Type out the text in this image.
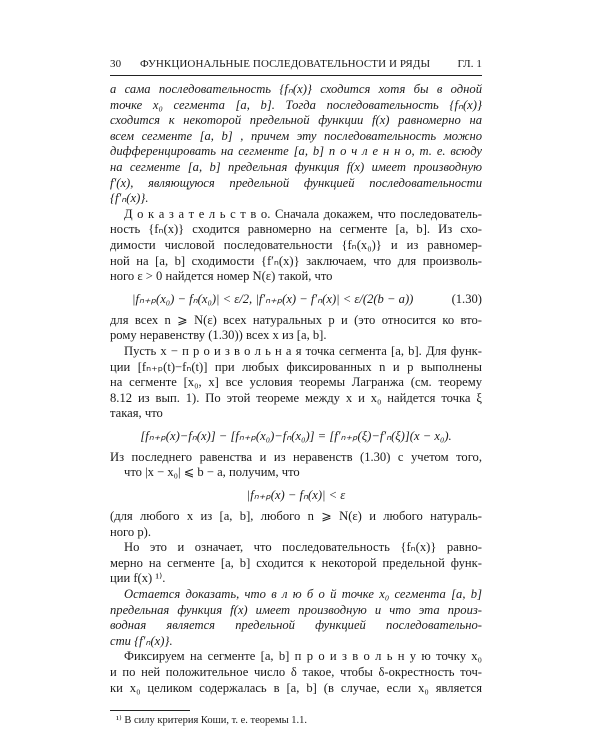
30 ФУНКЦИОНАЛЬНЫЕ ПОСЛЕДОВАТЕЛЬНОСТИ И РЯДЫ ГЛ. 1
а сама последовательность {fₙ(x)} сходится хотя бы в одной
точке x₀ сегмента [a, b]. Тогда последовательность {fₙ(x)}
сходится к некоторой предельной функции f(x) равномерно на
всем сегменте [a, b] , причем эту последовательность можно
дифференцировать на сегменте [a, b] п о ч л е н н о, т. е. всюду
на сегменте [a, b] предельная функция f(x) имеет производную
f′(x), являющуюся предельной функцией последовательности
{f′ₙ(x)}.
Д о к а з а т е л ь с т в о. Сначала докажем, что последователь-
ность {fₙ(x)} сходится равномерно на сегменте [a, b]. Из схо-
димости числовой последовательности {fₙ(x₀)} и из равномер-
ной на [a, b] сходимости {f′ₙ(x)} заключаем, что для произволь-
ного ε > 0 найдется номер N(ε) такой, что
|fₙ₊ₚ(x₀) − fₙ(x₀)| < ε/2, |f′ₙ₊ₚ(x) − f′ₙ(x)| < ε/(2(b − a))	(1.30)
для всех n ⩾ N(ε) всех натуральных p и (это относится ко вто-
рому неравенству (1.30)) всех x из [a, b].
Пусть x − п р о и з в о л ь н а я точка сегмента [a, b]. Для функ-
ции [fₙ₊ₚ(t)−fₙ(t)] при любых фиксированных n и p выполнены
на сегменте [x₀, x] все условия теоремы Лагранжа (см. теорему
8.12 из вып. 1). По этой теореме между x и x₀ найдется точка ξ
такая, что
[fₙ₊ₚ(x)−fₙ(x)] − [fₙ₊ₚ(x₀)−fₙ(x₀)] = [f′ₙ₊ₚ(ξ)−f′ₙ(ξ)](x − x₀).
Из последнего равенства и из неравенств (1.30) с учетом того,
что |x − x₀| ⩽ b − a, получим, что
|fₙ₊ₚ(x) − fₙ(x)| < ε
(для любого x из [a, b], любого n ⩾ N(ε) и любого натураль-
ного p).
Но это и означает, что последовательность {fₙ(x)} равно-
мерно на сегменте [a, b] сходится к некоторой предельной функ-
ции f(x) ¹⁾.
Остается доказать, что в л ю б о й точке x₀ сегмента [a, b]
предельная функция f(x) имеет производную и что эта произ-
водная является предельной функцией последовательно-
сти {f′ₙ(x)}.
Фиксируем на сегменте [a, b] п р о и з в о л ь н у ю точку x₀
и по ней положительное число δ такое, чтобы δ-окрестность точ-
ки x₀ целиком содержалась в [a, b] (в случае, если x₀ является
¹⁾ В силу критерия Коши, т. е. теоремы 1.1.
